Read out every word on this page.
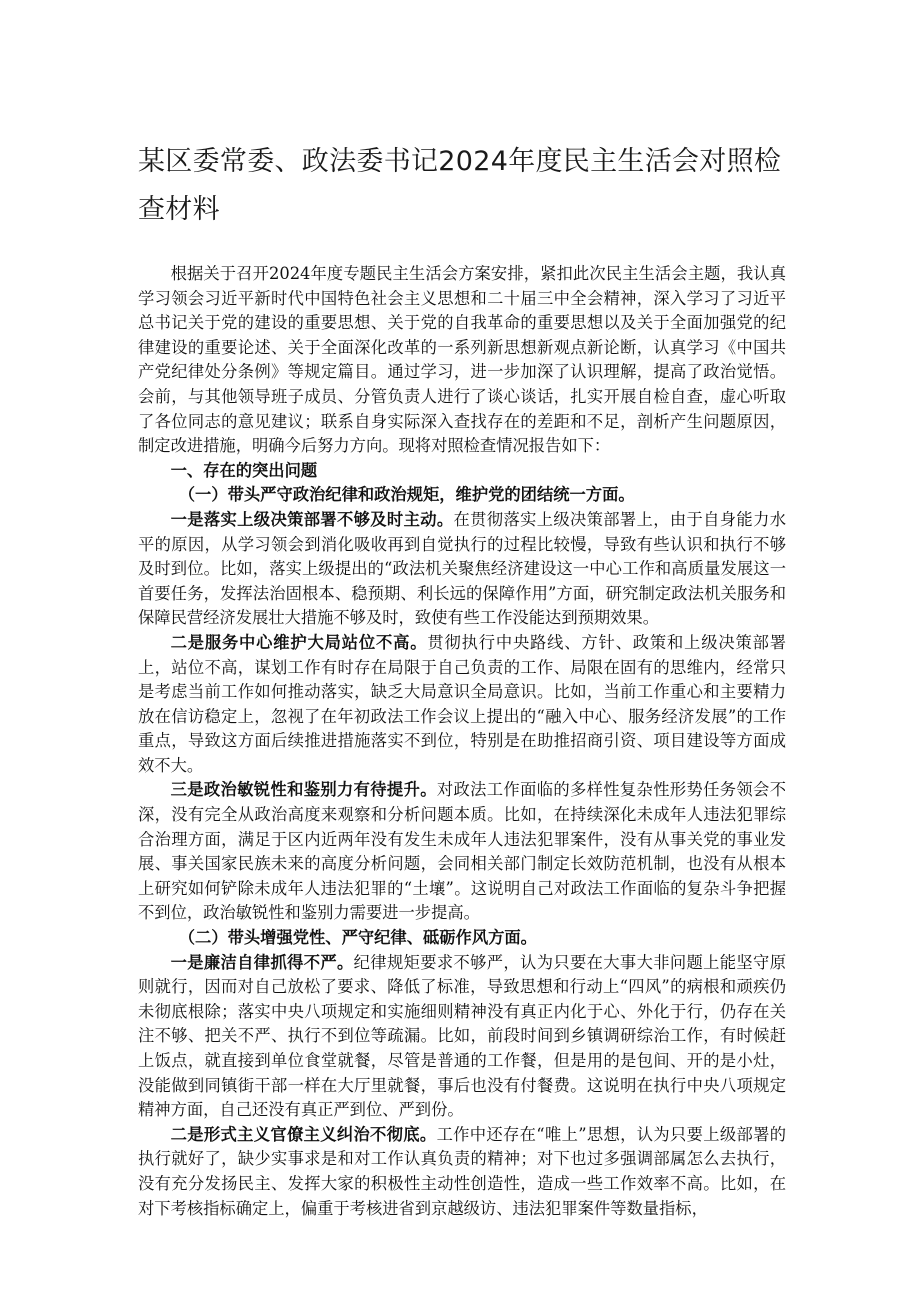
某区委常委、政法委书记2024年度民主生活会对照检查材料

根据关于召开2024年度专题民主生活会方案安排，紧扣此次民主生活会主题，我认真学习领会习近平新时代中国特色社会主义思想和二十届三中全会精神，深入学习了习近平总书记关于党的建设的重要思想、关于党的自我革命的重要思想以及关于全面加强党的纪律建设的重要论述、关于全面深化改革的一系列新思想新观点新论断，认真学习《中国共产党纪律处分条例》等规定篇目。通过学习，进一步加深了认识理解，提高了政治觉悟。会前，与其他领导班子成员、分管负责人进行了谈心谈话，扎实开展自检自查，虚心听取了各位同志的意见建议；联系自身实际深入查找存在的差距和不足，剖析产生问题原因，制定改进措施，明确今后努力方向。现将对照检查情况报告如下：

一、存在的突出问题

（一）带头严守政治纪律和政治规矩，维护党的团结统一方面。

一是落实上级决策部署不够及时主动。在贯彻落实上级决策部署上，由于自身能力水平的原因，从学习领会到消化吸收再到自觉执行的过程比较慢，导致有些认识和执行不够及时到位。比如，落实上级提出的“政法机关聚焦经济建设这一中心工作和高质量发展这一首要任务，发挥法治固根本、稳预期、利长远的保障作用”方面，研究制定政法机关服务和保障民营经济发展壮大措施不够及时，致使有些工作没能达到预期效果。

二是服务中心维护大局站位不高。贯彻执行中央路线、方针、政策和上级决策部署上，站位不高，谋划工作有时存在局限于自己负责的工作、局限在固有的思维内，经常只是考虑当前工作如何推动落实，缺乏大局意识全局意识。比如，当前工作重心和主要精力放在信访稳定上，忽视了在年初政法工作会议上提出的“融入中心、服务经济发展”的工作重点，导致这方面后续推进措施落实不到位，特别是在助推招商引资、项目建设等方面成效不大。

三是政治敏锐性和鉴别力有待提升。对政法工作面临的多样性复杂性形势任务领会不深，没有完全从政治高度来观察和分析问题本质。比如，在持续深化未成年人违法犯罪综合治理方面，满足于区内近两年没有发生未成年人违法犯罪案件，没有从事关党的事业发展、事关国家民族未来的高度分析问题，会同相关部门制定长效防范机制，也没有从根本上研究如何铲除未成年人违法犯罪的“土壤”。这说明自己对政法工作面临的复杂斗争把握不到位，政治敏锐性和鉴别力需要进一步提高。

（二）带头增强党性、严守纪律、砥砺作风方面。

一是廉洁自律抓得不严。纪律规矩要求不够严，认为只要在大事大非问题上能坚守原则就行，因而对自己放松了要求、降低了标准，导致思想和行动上“四风”的病根和顽疾仍未彻底根除；落实中央八项规定和实施细则精神没有真正内化于心、外化于行，仍存在关注不够、把关不严、执行不到位等疏漏。比如，前段时间到乡镇调研综治工作，有时候赶上饭点，就直接到单位食堂就餐，尽管是普通的工作餐，但是用的是包间、开的是小灶，没能做到同镇街干部一样在大厅里就餐，事后也没有付餐费。这说明在执行中央八项规定精神方面，自己还没有真正严到位、严到份。

二是形式主义官僚主义纠治不彻底。工作中还存在“唯上”思想，认为只要上级部署的执行就好了，缺少实事求是和对工作认真负责的精神；对下也过多强调部属怎么去执行，没有充分发扬民主、发挥大家的积极性主动性创造性，造成一些工作效率不高。比如，在对下考核指标确定上，偏重于考核进省到京越级访、违法犯罪案件等数量指标，
